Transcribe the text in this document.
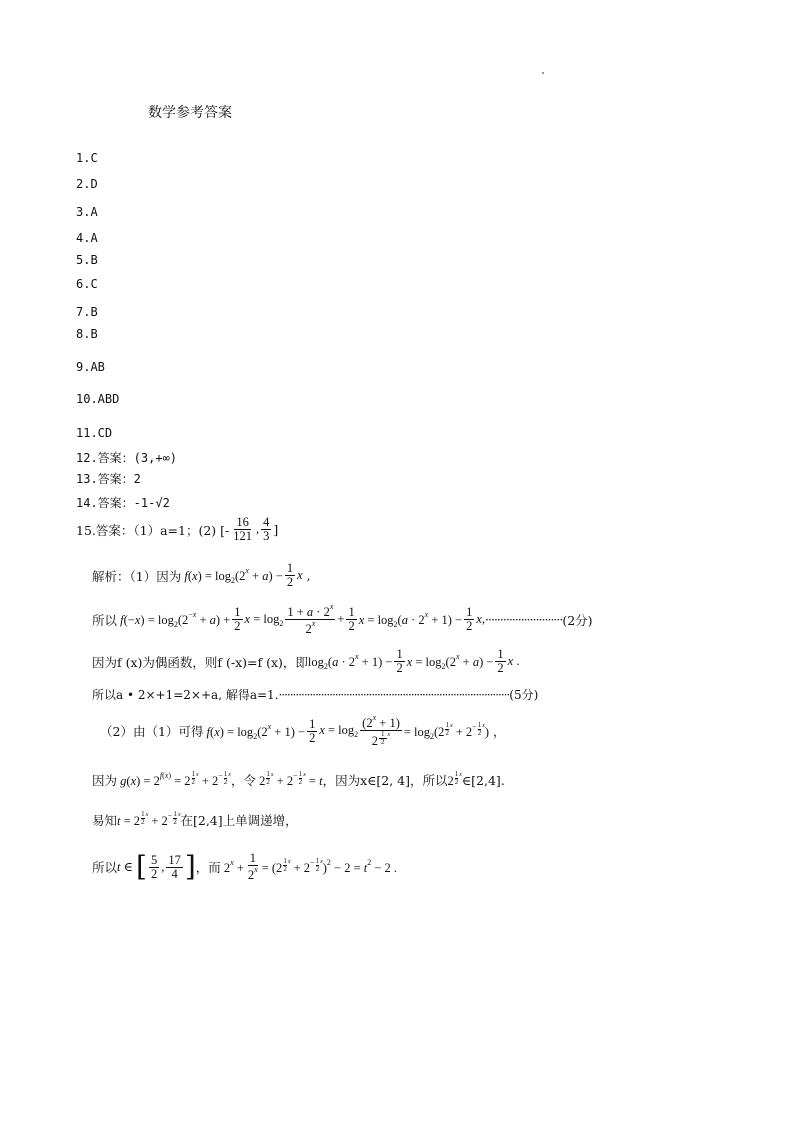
数学参考答案
1.C
2.D
3.A
4.A
5.B
6.C
7.B
8.B
9.AB
10.ABD
11.CD
12.答案：(3,+∞)
13.答案：2
14.答案：-1-√2
15.答案：（1）a=1；(2) [- $\frac{16}{121}$ , $\frac{4}{3}$ ]
解析：（1）因为 $f(x) = \log_2(2^x + a) - \frac{1}{2}$ x ,
所以 $f(-x) = \log_2(2^{-x} + a) + \frac{1}{2}$ $x = \log_2 \frac{1 + a \cdot 2^x}{2^x} + \frac{1}{2}$ $x = \log_2(a \cdot 2^x + 1) - \frac{1}{2} x$, ·························· (2分)
因为f (x)为偶函数，则f (-x)=f (x)，即 $\log_2(a \cdot 2^x + 1) - \frac{1}{2}$ $x = \log_2(2^x + a) - \frac{1}{2}$ x .
所以a • 2×+1=2×+a, 解得a=1. ·················································································· (5分)
（2）由（1）可得 $f(x) = \log_2(2^x + 1) - \frac{1}{2}$ $x = \log_2 \frac{(2^x + 1)}{2 \frac{1}{2} ^x} = \log_2(2 \frac{1}{2} ^x + 2^- \frac{1}{2} ^x)$ ，
因为 $g(x) = 2^{f(x)} = 2 \frac{1}{2} ^x + 2^- \frac{1}{2} ^x$ ，令 $2 \frac{1}{2} ^x + 2^- \frac{1}{2} ^x = t$ ，因为x∈[2, 4]，所以 $2 \frac{1}{2} ^x$ ∈[2,4] .
易知 $t = 2 \frac{1}{2} ^x + 2^- \frac{1}{2} ^x$ 在[2,4]上单调递增，
所以 t ∈ [ $\frac{5}{2}$ , $\frac{17}{4}$ ] ，而 $2^x + \frac{1}{2^x} = (2 \frac{1}{2} ^x + 2^- \frac{1}{2} ^x)^2 - 2 = t^2 - 2$ .
